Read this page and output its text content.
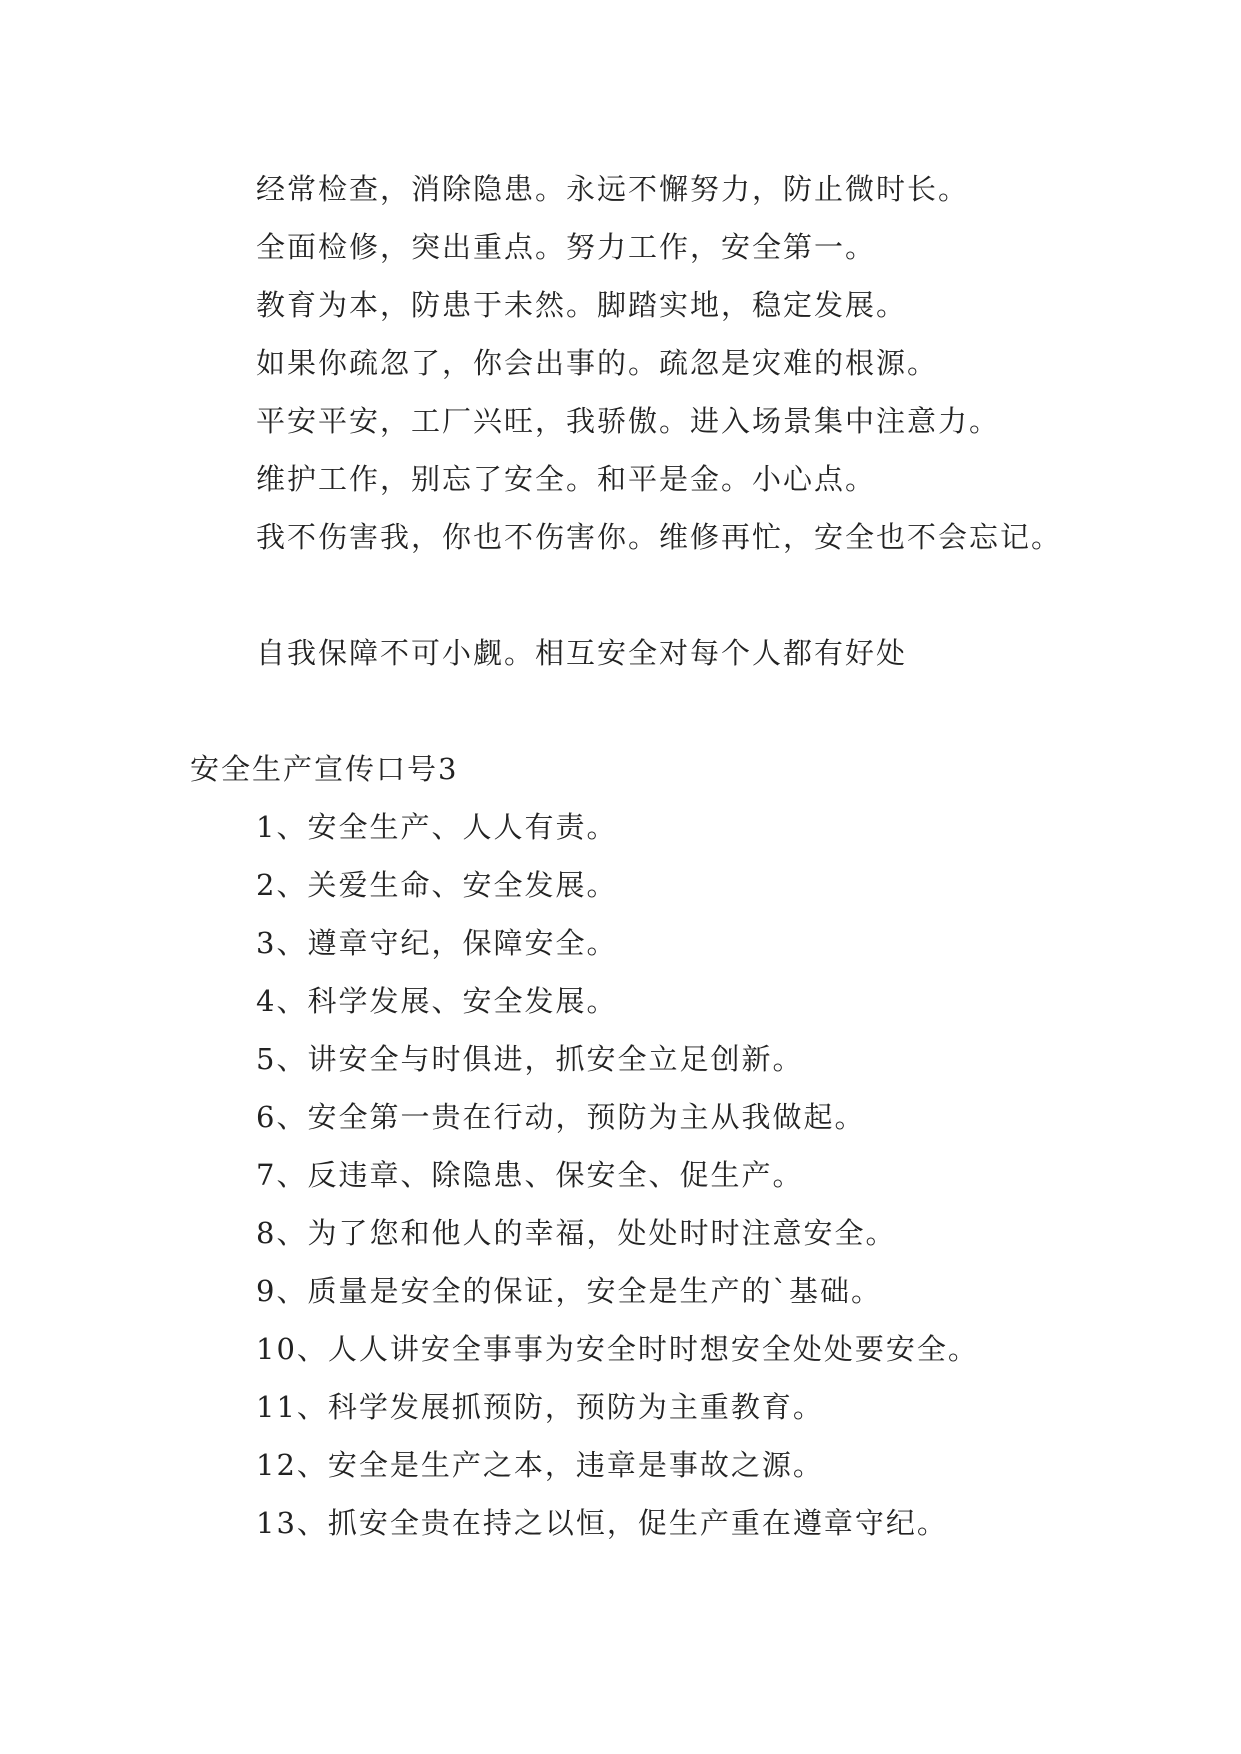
经常检查，消除隐患。永远不懈努力，防止微时长。

全面检修，突出重点。努力工作，安全第一。

教育为本，防患于未然。脚踏实地，稳定发展。

如果你疏忽了，你会出事的。疏忽是灾难的根源。

平安平安，工厂兴旺，我骄傲。进入场景集中注意力。

维护工作，别忘了安全。和平是金。小心点。

我不伤害我，你也不伤害你。维修再忙，安全也不会忘记。

自我保障不可小觑。相互安全对每个人都有好处

安全生产宣传口号3

1、安全生产、人人有责。

2、关爱生命、安全发展。

3、遵章守纪，保障安全。

4、科学发展、安全发展。

5、讲安全与时俱进，抓安全立足创新。

6、安全第一贵在行动，预防为主从我做起。

7、反违章、除隐患、保安全、促生产。

8、为了您和他人的幸福，处处时时注意安全。

9、质量是安全的保证，安全是生产的`基础。

10、人人讲安全事事为安全时时想安全处处要安全。

11、科学发展抓预防，预防为主重教育。

12、安全是生产之本，违章是事故之源。

13、抓安全贵在持之以恒，促生产重在遵章守纪。
